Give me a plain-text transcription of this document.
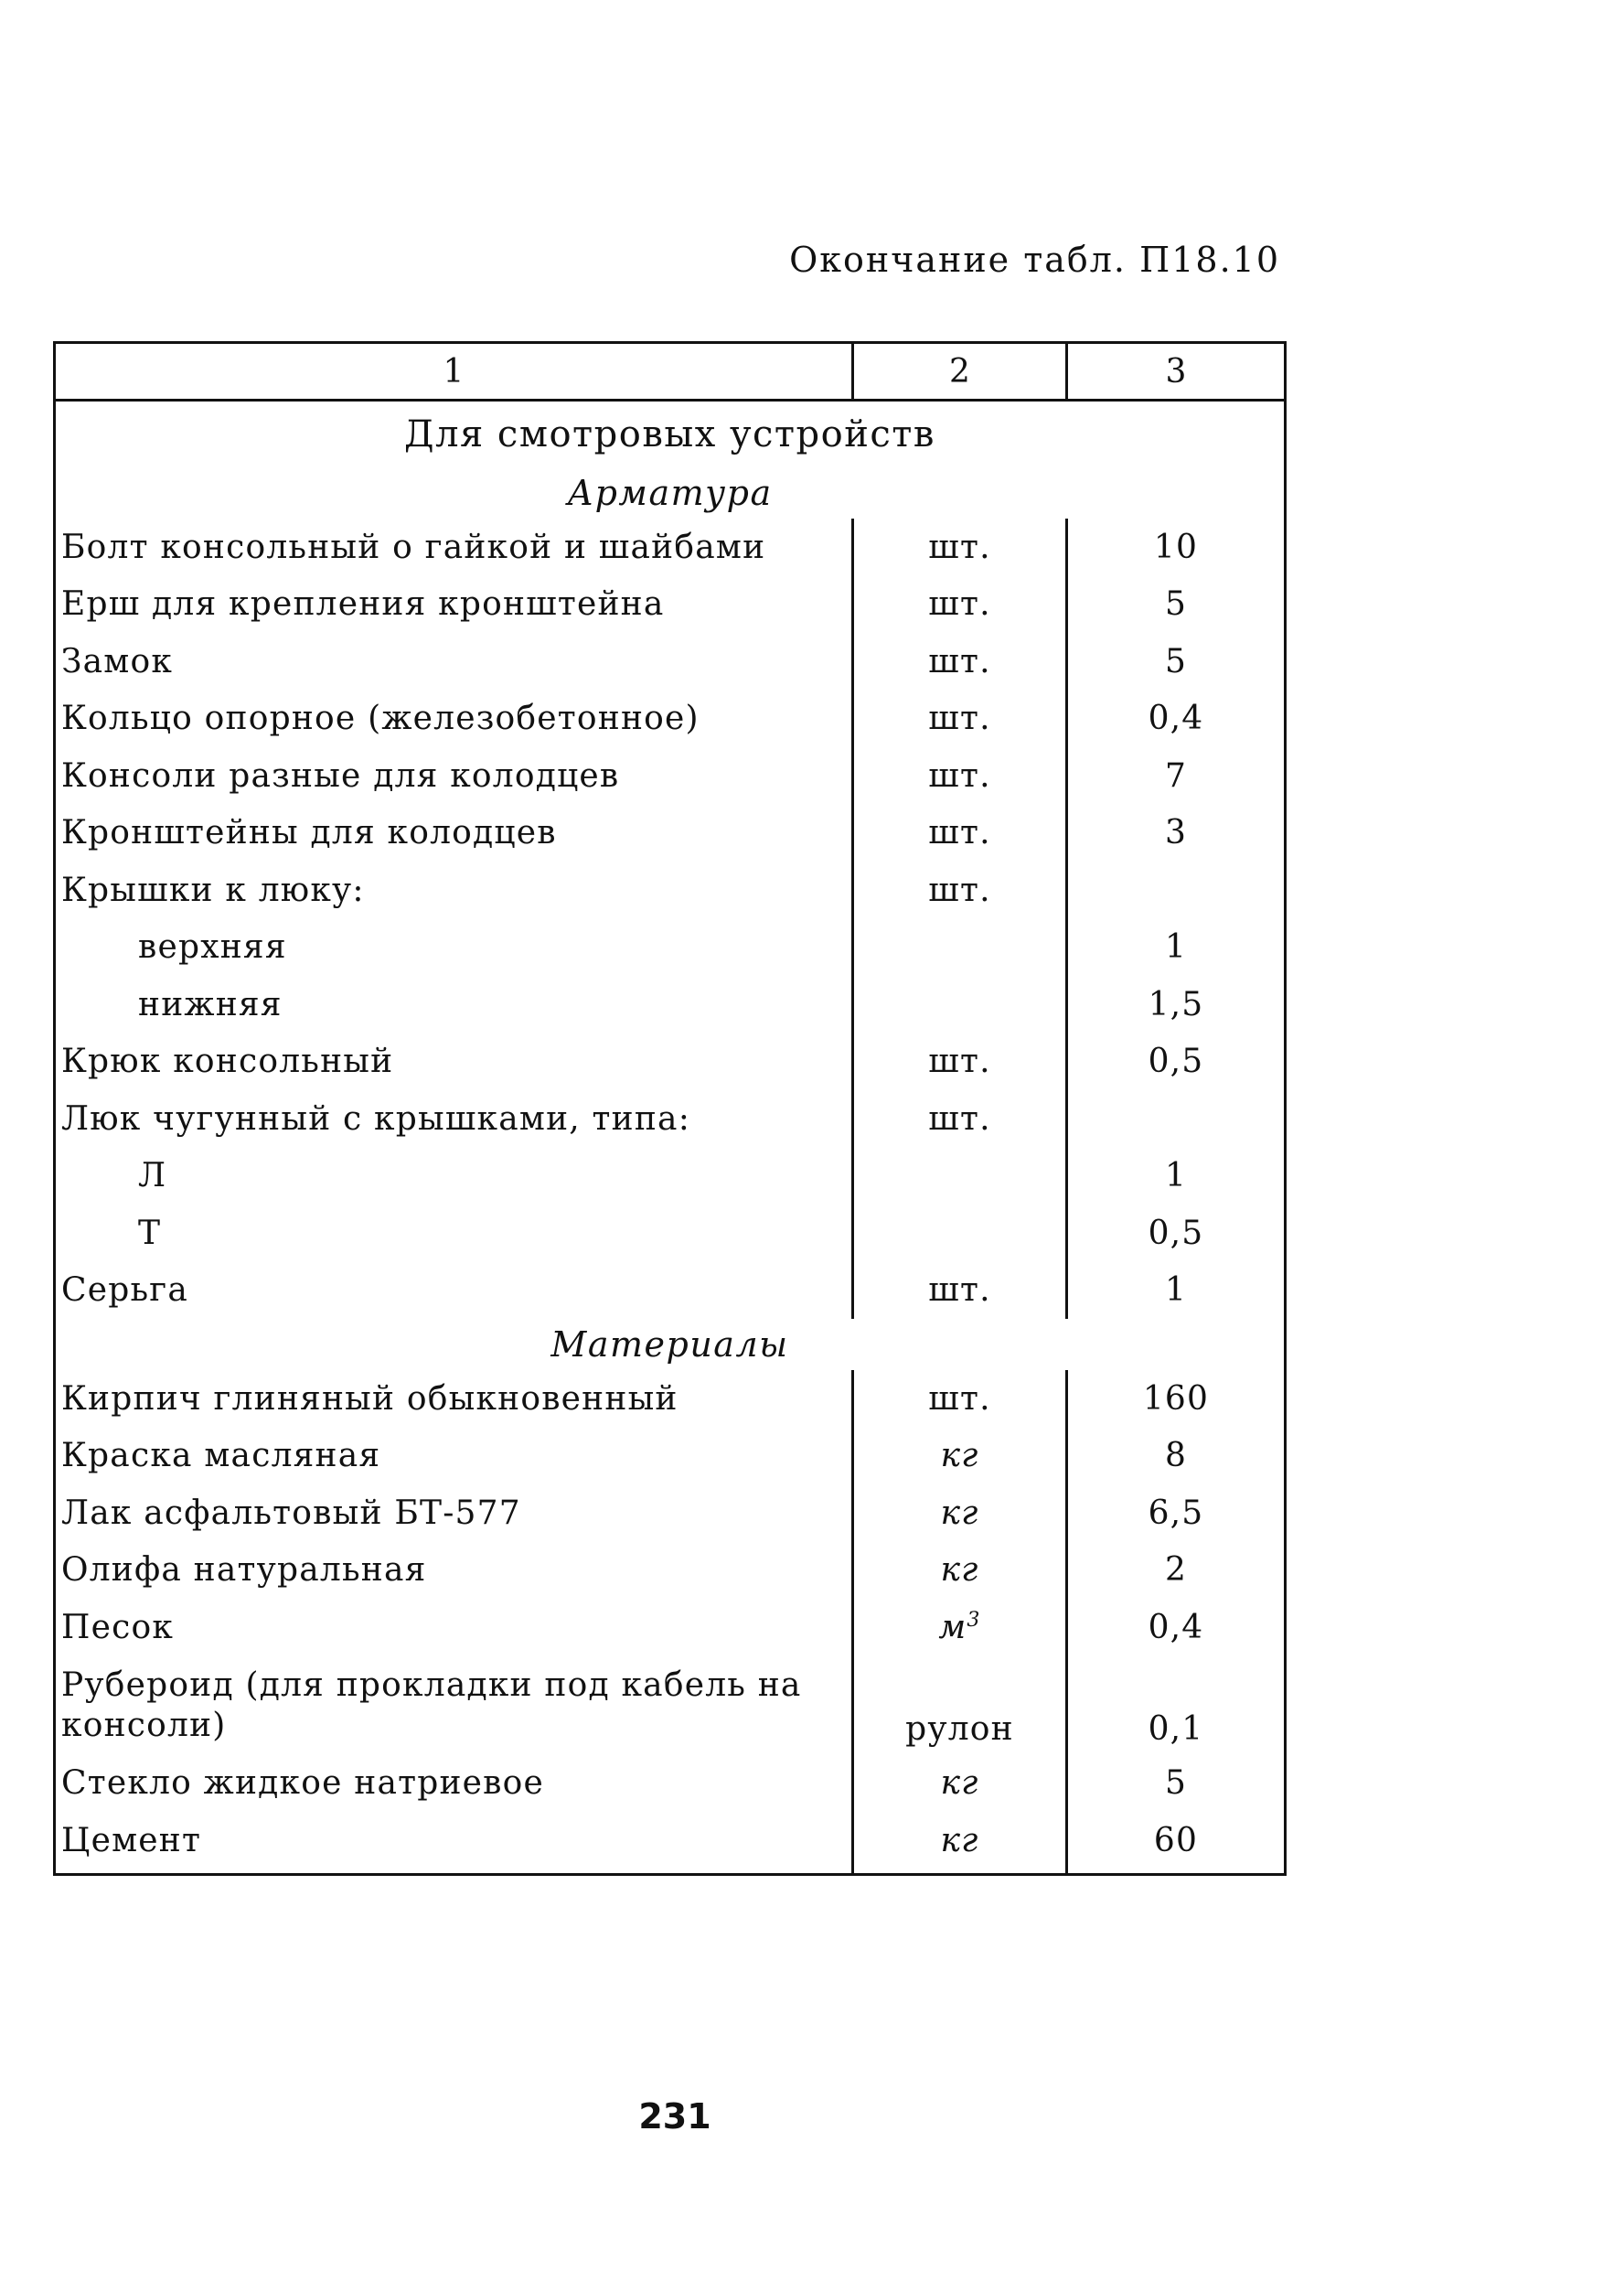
Окончание табл. П18.10
1	2	3
Для смотровых устройств		
Арматура		
Болт консольный о гайкой и шайбами	шт.	10
Ерш для крепления кронштейна	шт.	5
Замок	шт.	5
Кольцо опорное (железобетонное)	шт.	0,4
Консоли разные для колодцев	шт.	7
Кронштейны для колодцев	шт.	3
Крышки к люку:	шт.	
верхняя		1
нижняя		1,5
Крюк консольный	шт.	0,5
Люк чугунный с крышками, типа:	шт.	
Л		1
Т		0,5
Серьга	шт.	1
Материалы		
Кирпич глиняный обыкновенный	шт.	160
Краска масляная	кг	8
Лак асфальтовый БТ-577	кг	6,5
Олифа натуральная	кг	2
Песок	$м^3$	0,4
Рубероид (для прокладки под кабель на консоли)	рулон	0,1
Стекло жидкое натриевое	кг	5
Цемент	кг	60
231
